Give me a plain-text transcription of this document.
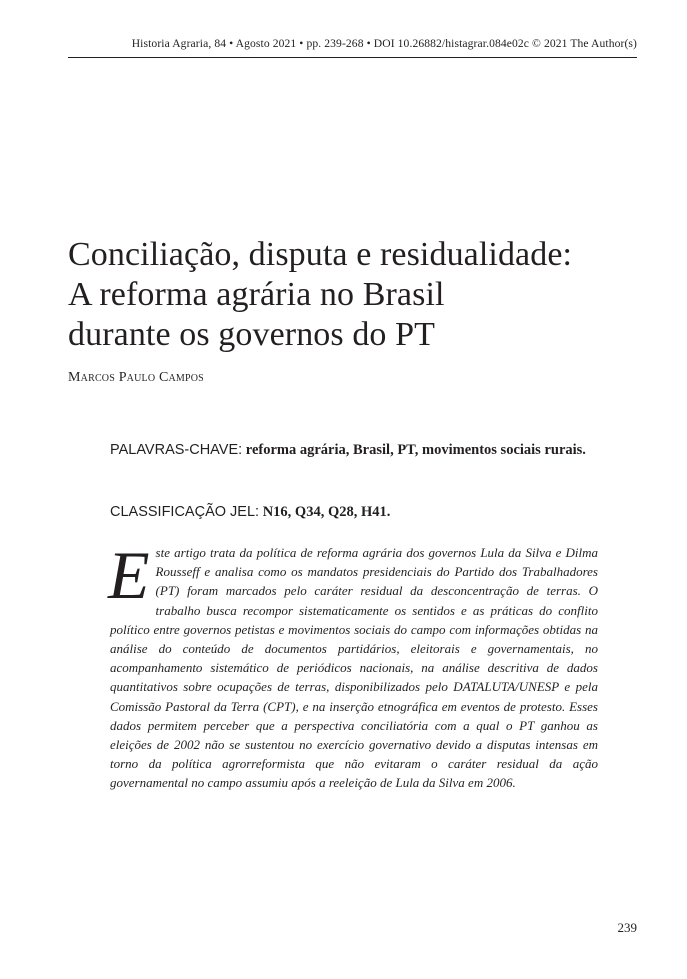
Historia Agraria, 84 • Agosto 2021 • pp. 239-268 • DOI 10.26882/histagrar.084e02c © 2021 The Author(s)
Conciliação, disputa e residualidade:
A reforma agrária no Brasil
durante os governos do PT
Marcos Paulo Campos

PALAVRAS-CHAVE: reforma agrária, Brasil, PT, movimentos sociais rurais.

CLASSIFICAÇÃO JEL: N16, Q34, Q28, H41.

Este artigo trata da política de reforma agrária dos governos Lula da Silva e Dilma Rousseff e analisa como os mandatos presidenciais do Partido dos Trabalhadores (PT) foram marcados pelo caráter residual da desconcentração de terras. O trabalho busca recompor sistematicamente os sentidos e as práticas do conflito político entre governos petistas e movimentos sociais do campo com informações obtidas na análise do conteúdo de documentos partidários, eleitorais e governamentais, no acompanhamento sistemático de periódicos nacionais, na análise descritiva de dados quantitativos sobre ocupações de terras, disponibilizados pelo DATALUTA/UNESP e pela Comissão Pastoral da Terra (CPT), e na inserção etnográfica em eventos de protesto. Esses dados permitem perceber que a perspectiva conciliatória com a qual o PT ganhou as eleições de 2002 não se sustentou no exercício governativo devido a disputas intensas em torno da política agrorreformista que não evitaram o caráter residual da ação governamental no campo assumiu após a reeleição de Lula da Silva em 2006.

239
